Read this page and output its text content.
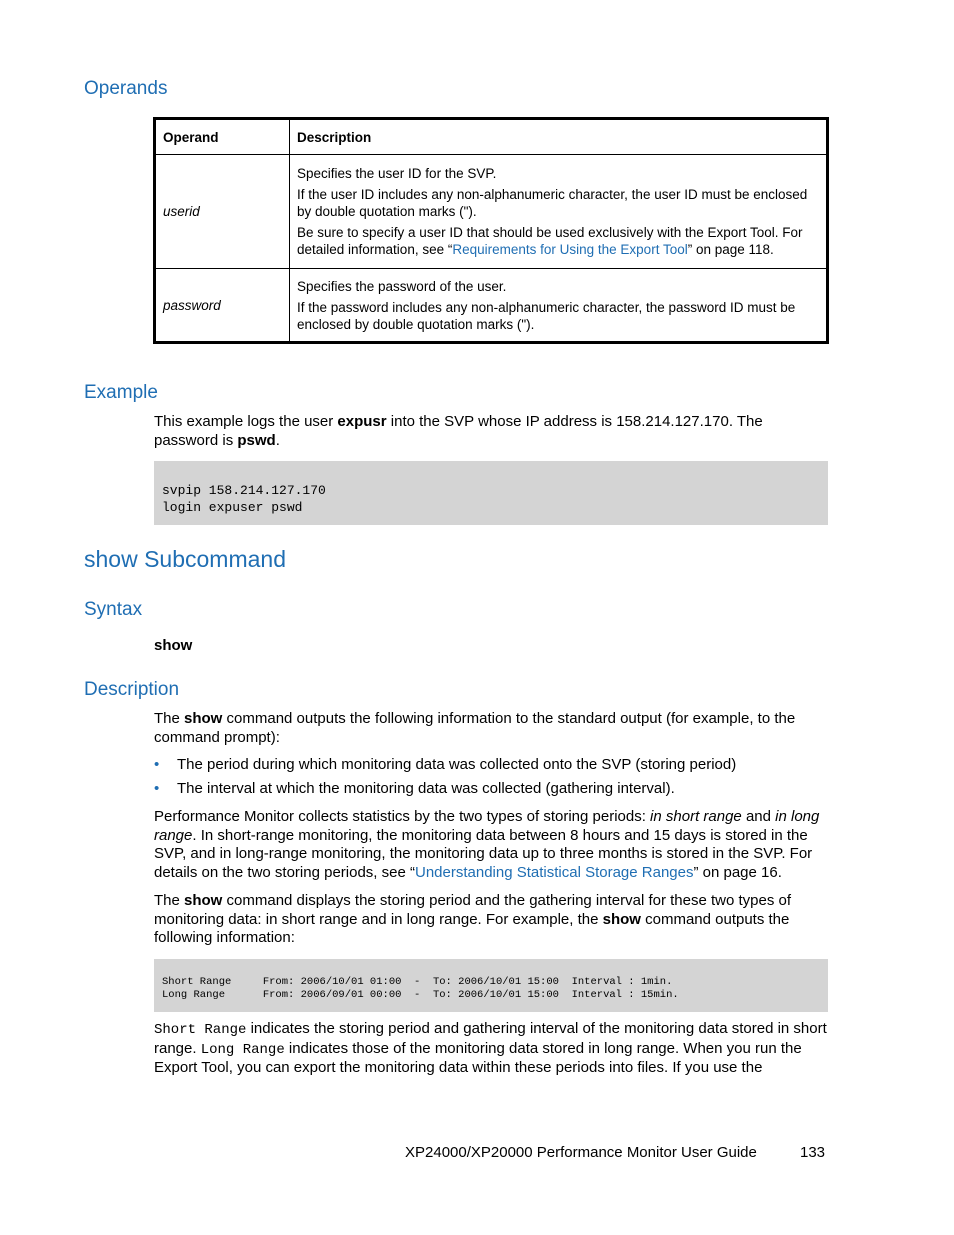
Operands
Operand	Description
userid	Specifies the user ID for the SVP.

If the user ID includes any non-alphanumeric character, the user ID must be enclosed by double quotation marks (").

Be sure to specify a user ID that should be used exclusively with the Export Tool. For detailed information, see “Requirements for Using the Export Tool” on page 118.

password	Specifies the password of the user.

If the password includes any non-alphanumeric character, the password ID must be enclosed by double quotation marks (").

Example

This example logs the user expusr into the SVP whose IP address is 158.214.127.170. The password is pswd.

svpip 158.214.127.170
login expuser pswd
show Subcommand
Syntax
show
Description

The show command outputs the following information to the standard output (for example, to the command prompt):

• The period during which monitoring data was collected onto the SVP (storing period)
• The interval at which the monitoring data was collected (gathering interval).

Performance Monitor collects statistics by the two types of storing periods: in short range and in long range. In short-range monitoring, the monitoring data between 8 hours and 15 days is stored in the SVP, and in long-range monitoring, the monitoring data up to three months is stored in the SVP. For details on the two storing periods, see “Understanding Statistical Storage Ranges” on page 16.

The show command displays the storing period and the gathering interval for these two types of monitoring data: in short range and in long range. For example, the show command outputs the following information:

Short Range     From: 2006/10/01 01:00  -  To: 2006/10/01 15:00  Interval : 1min.
Long Range      From: 2006/09/01 00:00  -  To: 2006/10/01 15:00  Interval : 15min.

Short Range indicates the storing period and gathering interval of the monitoring data stored in short range. Long Range indicates those of the monitoring data stored in long range. When you run the Export Tool, you can export the monitoring data within these periods into files. If you use the

XP24000/XP20000 Performance Monitor User Guide	133
